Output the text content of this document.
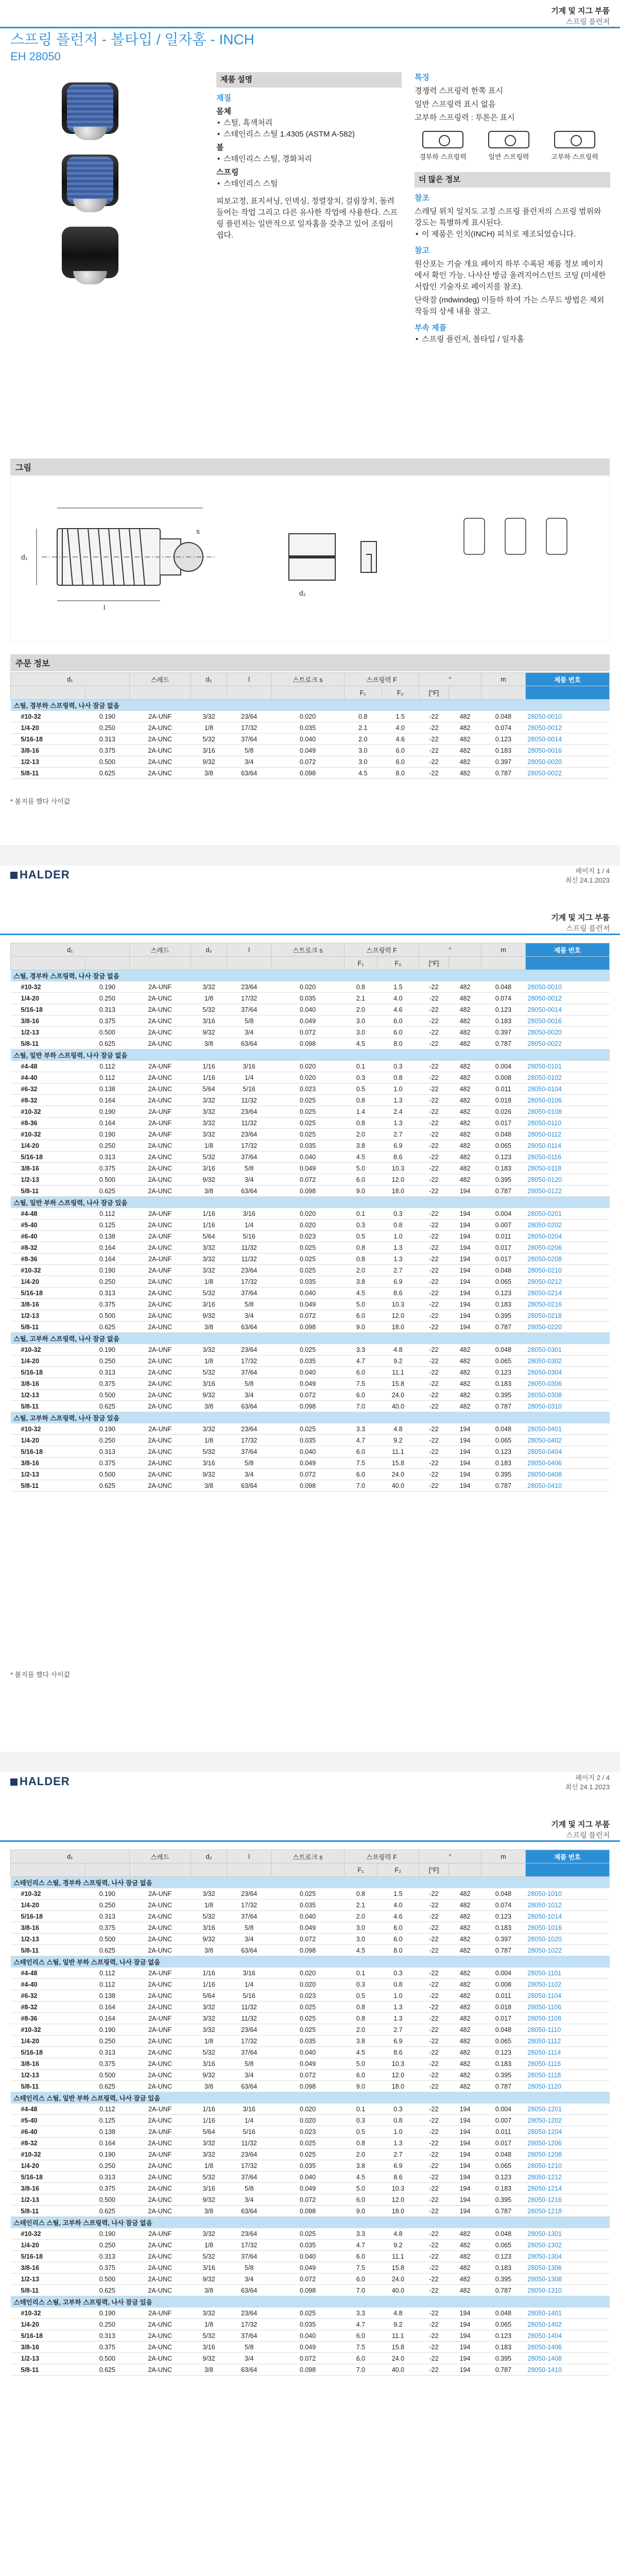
기계 및 지그 부품
스프링 플런저
스프링 플런저 - 볼타입 / 일자홈 - INCH
EH 28050
제품 설명
재질
몸체
• 스틸, 흑색처리
• 스테인리스 스틸 1.4305 (ASTM A-582)
볼
• 스테인리스 스틸, 경화처리
스프링
• 스테인리스 스틸
피보고정, 표지셔닝, 인덱싱, 정렬장치, 걸림장치, 돌려들어는 작업 그리고 다른 유사한 작업에 사용한다. 스프링 플런저는 일반적으로 일자홈을 갖추고 있어 조립이 쉽다.
특징
경쟁력 스프링력 한쪽 표시
일반 스프링력 표시 없음
고부하 스프링력 : 투톤은 표시
경부하 스프링력	일반 스프링력	고부하 스프링력
더 많은 정보
참조
스레딩 위치 일치도 고정 스프링 플런저의 스프링 범위와 강도는 특별하게 표시된다.
• 이 제품은 인치(INCH) 피치로 제조되었습니다.
참고
원산포는 기술 개요 페이지 하부 수록된 제품 정보 페이지에서 확인 가능. 나사산 방금 올려지어스턴트 코팅 (미세한 서랍인 기술자로 페이지를 참조).
단락잠 (mdwindeg) 이들하 하여 가는 스무드 방법은 제외 작동의 상세 내용 참고.
부속 제품
• 스프링 플런저, 볼타입 / 일자홈
그림
d₁
l
s
d₂
주문 정보
d₁		스레드	d₂	l	스트로크 s	스프링력 F		°		m	제품 번호
						F₁	F₂	[°F]			
스틸, 경부하 스프링력, 나사 잠금 없음											
#10-32	0.190	2A-UNF	3/32	23/64	0.020	0.8	1.5	-22	482	0.048	28050-0010
1/4-20	0.250	2A-UNC	1/8	17/32	0.035	2.1	4.0	-22	482	0.074	28050-0012
5/16-18	0.313	2A-UNC	5/32	37/64	0.040	2.0	4.6	-22	482	0.123	28050-0014
3/8-16	0.375	2A-UNC	3/16	5/8	0.049	3.0	6.0	-22	482	0.183	28050-0016
1/2-13	0.500	2A-UNC	9/32	3/4	0.072	3.0	6.0	-22	482	0.397	28050-0020
5/8-11	0.625	2A-UNC	3/8	63/64	0.098	4.5	8.0	-22	482	0.787	28050-0022
* 볼지름 했다 사이값
HALDER	페이지 1 / 4
최신 24.1.2023
기계 및 지그 부품
스프링 플런저
d₁		스레드	d₂	l	스트로크 s	스프링력 F		°		m	제품 번호
						F₁	F₂	[°F]			
스틸, 경부하 스프링력, 나사 잠금 없음											
#10-32	0.190	2A-UNF	3/32	23/64	0.020	0.8	1.5	-22	482	0.048	28050-0010
1/4-20	0.250	2A-UNC	1/8	17/32	0.035	2.1	4.0	-22	482	0.074	28050-0012
5/16-18	0.313	2A-UNC	5/32	37/64	0.040	2.0	4.6	-22	482	0.123	28050-0014
3/8-16	0.375	2A-UNC	3/16	5/8	0.049	3.0	6.0	-22	482	0.183	28050-0016
1/2-13	0.500	2A-UNC	9/32	3/4	0.072	3.0	6.0	-22	482	0.397	28050-0020
5/8-11	0.625	2A-UNC	3/8	63/64	0.098	4.5	8.0	-22	482	0.787	28050-0022
스틸, 일반 부하 스프링력, 나사 잠금 없음											
#4-48	0.112	2A-UNF	1/16	3/16	0.020	0.1	0.3	-22	482	0.004	28050-0101
#4-40	0.112	2A-UNC	1/16	1/4	0.020	0.3	0.8	-22	482	0.008	28050-0102
#6-32	0.138	2A-UNC	5/64	5/16	0.023	0.5	1.0	-22	482	0.011	28050-0104
#8-32	0.164	2A-UNC	3/32	11/32	0.025	0.8	1.3	-22	482	0.018	28050-0106
#10-32	0.190	2A-UNF	3/32	23/64	0.025	1.4	2.4	-22	482	0.026	28050-0108
#8-36	0.164	2A-UNF	3/32	11/32	0.025	0.8	1.3	-22	482	0.017	28050-0110
#10-32	0.190	2A-UNF	3/32	23/64	0.025	2.0	2.7	-22	482	0.048	28050-0112
1/4-20	0.250	2A-UNC	1/8	17/32	0.035	3.8	6.9	-22	482	0.065	28050-0114
5/16-18	0.313	2A-UNC	5/32	37/64	0.040	4.5	8.6	-22	482	0.123	28050-0116
3/8-16	0.375	2A-UNC	3/16	5/8	0.049	5.0	10.3	-22	482	0.183	28050-0118
1/2-13	0.500	2A-UNC	9/32	3/4	0.072	6.0	12.0	-22	482	0.395	28050-0120
5/8-11	0.625	2A-UNC	3/8	63/64	0.098	9.0	18.0	-22	194	0.787	28050-0122
스틸, 일반 부하 스프링력, 나사 잠금 있음											
#4-48	0.112	2A-UNF	1/16	3/16	0.020	0.1	0.3	-22	194	0.004	28050-0201
#5-40	0.125	2A-UNC	1/16	1/4	0.020	0.3	0.8	-22	194	0.007	28050-0202
#6-40	0.138	2A-UNF	5/64	5/16	0.023	0.5	1.0	-22	194	0.011	28050-0204
#8-32	0.164	2A-UNC	3/32	11/32	0.025	0.8	1.3	-22	194	0.017	28050-0206
#8-36	0.164	2A-UNF	3/32	11/32	0.025	0.8	1.3	-22	194	0.017	28050-0208
#10-32	0.190	2A-UNF	3/32	23/64	0.025	2.0	2.7	-22	194	0.048	28050-0210
1/4-20	0.250	2A-UNC	1/8	17/32	0.035	3.8	6.9	-22	194	0.065	28050-0212
5/16-18	0.313	2A-UNC	5/32	37/64	0.040	4.5	8.6	-22	194	0.123	28050-0214
3/8-16	0.375	2A-UNC	3/16	5/8	0.049	5.0	10.3	-22	194	0.183	28050-0216
1/2-13	0.500	2A-UNC	9/32	3/4	0.072	6.0	12.0	-22	194	0.395	28050-0218
5/8-11	0.625	2A-UNC	3/8	63/64	0.098	9.0	18.0	-22	194	0.787	28050-0220
스틸, 고부하 스프링력, 나사 잠금 없음											
#10-32	0.190	2A-UNF	3/32	23/64	0.025	3.3	4.8	-22	482	0.048	28050-0301
1/4-20	0.250	2A-UNC	1/8	17/32	0.035	4.7	9.2	-22	482	0.065	28050-0302
5/16-18	0.313	2A-UNC	5/32	37/64	0.040	6.0	11.1	-22	482	0.123	28050-0304
3/8-16	0.375	2A-UNC	3/16	5/8	0.049	7.5	15.8	-22	482	0.183	28050-0306
1/2-13	0.500	2A-UNC	9/32	3/4	0.072	6.0	24.0	-22	482	0.395	28050-0308
5/8-11	0.625	2A-UNC	3/8	63/64	0.098	7.0	40.0	-22	482	0.787	28050-0310
스틸, 고부하 스프링력, 나사 잠금 있음											
#10-32	0.190	2A-UNF	3/32	23/64	0.025	3.3	4.8	-22	194	0.048	28050-0401
1/4-20	0.250	2A-UNC	1/8	17/32	0.035	4.7	9.2	-22	194	0.065	28050-0402
5/16-18	0.313	2A-UNC	5/32	37/64	0.040	6.0	11.1	-22	194	0.123	28050-0404
3/8-16	0.375	2A-UNC	3/16	5/8	0.049	7.5	15.8	-22	194	0.183	28050-0406
1/2-13	0.500	2A-UNC	9/32	3/4	0.072	6.0	24.0	-22	194	0.395	28050-0408
5/8-11	0.625	2A-UNC	3/8	63/64	0.098	7.0	40.0	-22	194	0.787	28050-0410
* 볼지름 했다 사이값
HALDER	페이지 2 / 4
최신 24.1.2023
기계 및 지그 부품
스프링 플런저
d₁		스레드	d₂	l	스트로크 s	스프링력 F		°		m	제품 번호
						F₁	F₂	[°F]			
스테인리스 스틸, 경부하 스프링력, 나사 잠금 없음											
#10-32	0.190	2A-UNF	3/32	23/64	0.025	0.8	1.5	-22	482	0.048	28050-1010
1/4-20	0.250	2A-UNC	1/8	17/32	0.035	2.1	4.0	-22	482	0.074	28050-1012
5/16-18	0.313	2A-UNC	5/32	37/64	0.040	2.0	4.6	-22	482	0.123	28050-1014
3/8-16	0.375	2A-UNC	3/16	5/8	0.049	3.0	6.0	-22	482	0.183	28050-1016
1/2-13	0.500	2A-UNC	9/32	3/4	0.072	3.0	6.0	-22	482	0.397	28050-1020
5/8-11	0.625	2A-UNC	3/8	63/64	0.098	4.5	8.0	-22	482	0.787	28050-1022
스테인리스 스틸, 일반 부하 스프링력, 나사 잠금 없음											
#4-48	0.112	2A-UNF	1/16	3/16	0.020	0.1	0.3	-22	482	0.004	28050-1101
#4-40	0.112	2A-UNC	1/16	1/4	0.020	0.3	0.8	-22	482	0.008	28050-1102
#6-32	0.138	2A-UNC	5/64	5/16	0.023	0.5	1.0	-22	482	0.011	28050-1104
#8-32	0.164	2A-UNC	3/32	11/32	0.025	0.8	1.3	-22	482	0.018	28050-1106
#8-36	0.164	2A-UNF	3/32	11/32	0.025	0.8	1.3	-22	482	0.017	28050-1108
#10-32	0.190	2A-UNF	3/32	23/64	0.025	2.0	2.7	-22	482	0.048	28050-1110
1/4-20	0.250	2A-UNC	1/8	17/32	0.035	3.8	6.9	-22	482	0.065	28050-1112
5/16-18	0.313	2A-UNC	5/32	37/64	0.040	4.5	8.6	-22	482	0.123	28050-1114
3/8-16	0.375	2A-UNC	3/16	5/8	0.049	5.0	10.3	-22	482	0.183	28050-1116
1/2-13	0.500	2A-UNC	9/32	3/4	0.072	6.0	12.0	-22	482	0.395	28050-1118
5/8-11	0.625	2A-UNC	3/8	63/64	0.098	9.0	18.0	-22	482	0.787	28050-1120
스테인리스 스틸, 일반 부하 스프링력, 나사 잠금 있음											
#4-48	0.112	2A-UNF	1/16	3/16	0.020	0.1	0.3	-22	194	0.004	28050-1201
#5-40	0.125	2A-UNC	1/16	1/4	0.020	0.3	0.8	-22	194	0.007	28050-1202
#6-40	0.138	2A-UNF	5/64	5/16	0.023	0.5	1.0	-22	194	0.011	28050-1204
#8-32	0.164	2A-UNC	3/32	11/32	0.025	0.8	1.3	-22	194	0.017	28050-1206
#10-32	0.190	2A-UNF	3/32	23/64	0.025	2.0	2.7	-22	194	0.048	28050-1208
1/4-20	0.250	2A-UNC	1/8	17/32	0.035	3.8	6.9	-22	194	0.065	28050-1210
5/16-18	0.313	2A-UNC	5/32	37/64	0.040	4.5	8.6	-22	194	0.123	28050-1212
3/8-16	0.375	2A-UNC	3/16	5/8	0.049	5.0	10.3	-22	194	0.183	28050-1214
1/2-13	0.500	2A-UNC	9/32	3/4	0.072	6.0	12.0	-22	194	0.395	28050-1216
5/8-11	0.625	2A-UNC	3/8	63/64	0.098	9.0	18.0	-22	194	0.787	28050-1218
스테인리스 스틸, 고부하 스프링력, 나사 잠금 없음											
#10-32	0.190	2A-UNF	3/32	23/64	0.025	3.3	4.8	-22	482	0.048	28050-1301
1/4-20	0.250	2A-UNC	1/8	17/32	0.035	4.7	9.2	-22	482	0.065	28050-1302
5/16-18	0.313	2A-UNC	5/32	37/64	0.040	6.0	11.1	-22	482	0.123	28050-1304
3/8-16	0.375	2A-UNC	3/16	5/8	0.049	7.5	15.8	-22	482	0.183	28050-1306
1/2-13	0.500	2A-UNC	9/32	3/4	0.072	6.0	24.0	-22	482	0.395	28050-1308
5/8-11	0.625	2A-UNC	3/8	63/64	0.098	7.0	40.0	-22	482	0.787	28050-1310
스테인리스 스틸, 고부하 스프링력, 나사 잠금 있음											
#10-32	0.190	2A-UNF	3/32	23/64	0.025	3.3	4.8	-22	194	0.048	28050-1401
1/4-20	0.250	2A-UNC	1/8	17/32	0.035	4.7	9.2	-22	194	0.065	28050-1402
5/16-18	0.313	2A-UNC	5/32	37/64	0.040	6.0	11.1	-22	194	0.123	28050-1404
3/8-16	0.375	2A-UNC	3/16	5/8	0.049	7.5	15.8	-22	194	0.183	28050-1406
1/2-13	0.500	2A-UNC	9/32	3/4	0.072	6.0	24.0	-22	194	0.395	28050-1408
5/8-11	0.625	2A-UNC	3/8	63/64	0.098	7.0	40.0	-22	194	0.787	28050-1410
